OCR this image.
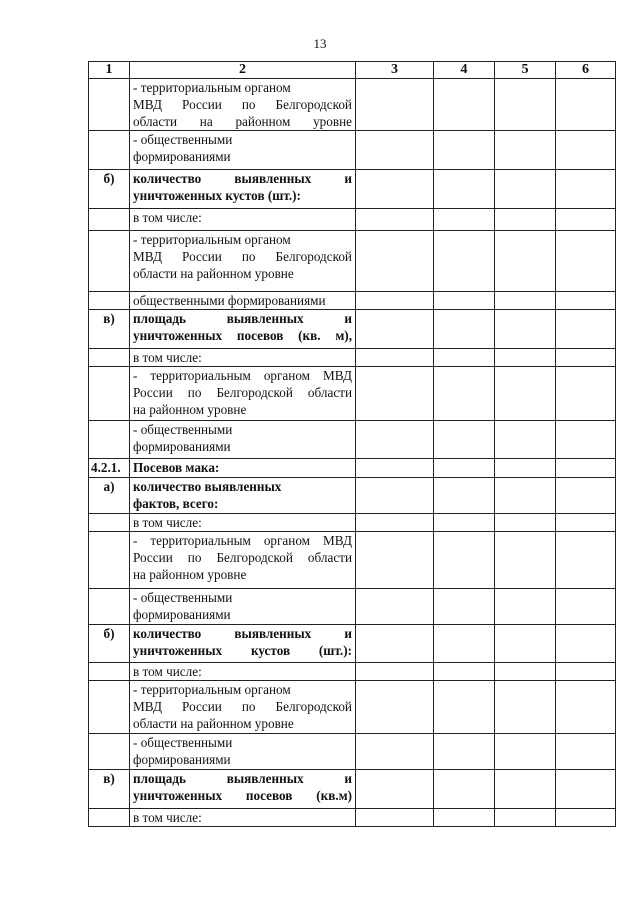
13
1	2	3	4	5	6

	- территориальным органом
МВД России по Белгородской
области на районном уровне				

	- общественными
формированиями				

б)	количество выявленных и
уничтоженных кустов (шт.):				

	в том числе:				

	- территориальным органом
МВД России по Белгородской
области на районном уровне				

	общественными формированиями				

в)	площадь выявленных и
уничтоженных посевов (кв. м),				

	в том числе:				

	- территориальным органом МВД
России по Белгородской области
на районном уровне				

	- общественными
формированиями				

4.2.1.	Посевов мака:				

а)	количество выявленных
фактов, всего:				

	в том числе:				

	- территориальным органом МВД
России по Белгородской области
на районном уровне				

	- общественными
формированиями				

б)	количество выявленных и
уничтоженных кустов (шт.):				

	в том числе:				

	- территориальным органом
МВД России по Белгородской
области на районном уровне				

	- общественными
формированиями				

в)	площадь выявленных и
уничтоженных посевов (кв.м)				

	в том числе:				
